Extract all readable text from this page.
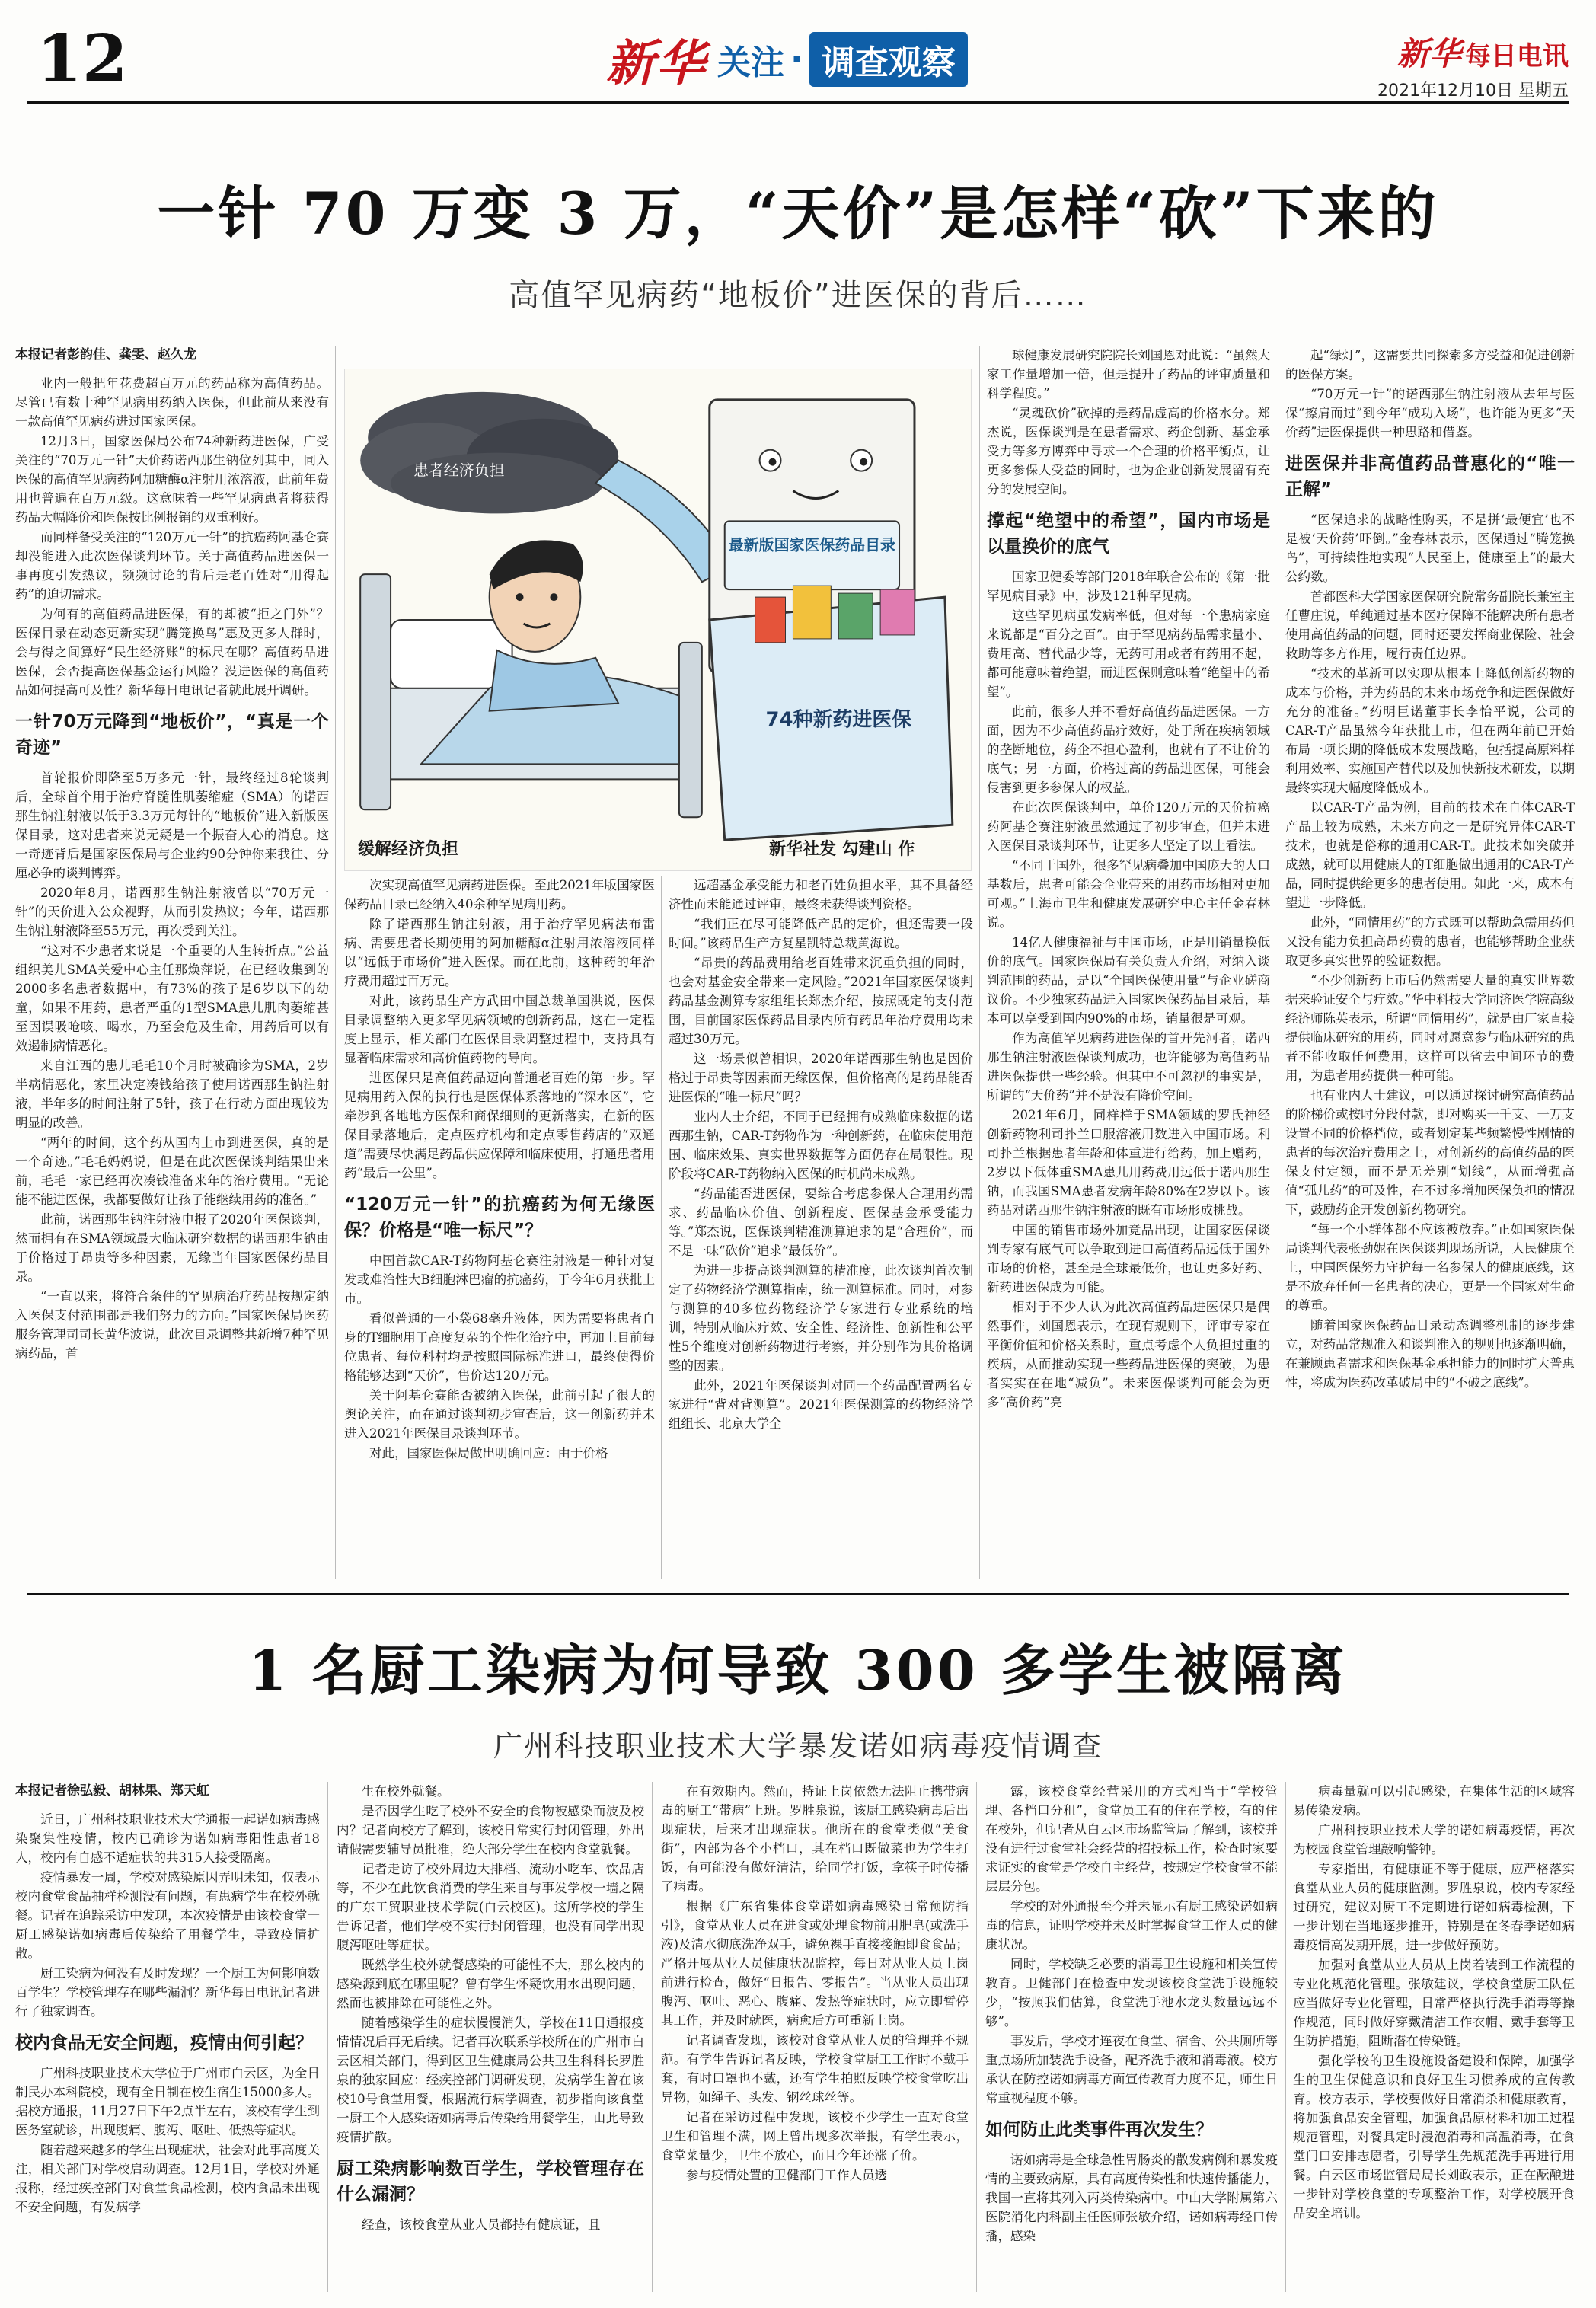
12	新华 关注 · 调查观察	新华 每日电讯
2021年12月10日 星期五
一针 70 万变 3 万，“天价”是怎样“砍”下来的
高值罕见病药“地板价”进医保的背后……

本报记者彭韵佳、龚雯、赵久龙

业内一般把年花费超百万元的药品称为高值药品。尽管已有数十种罕见病用药纳入医保，但此前从来没有一款高值罕见病药进过国家医保。

12月3日，国家医保局公布74种新药进医保，广受关注的“70万元一针”天价药诺西那生钠位列其中，同入医保的高值罕见病药阿加糖酶α注射用浓溶液，此前年费用也普遍在百万元级。这意味着一些罕见病患者将获得药品大幅降价和医保按比例报销的双重利好。

而同样备受关注的“120万元一针”的抗癌药阿基仑赛却没能进入此次医保谈判环节。关于高值药品进医保一事再度引发热议，频频讨论的背后是老百姓对“用得起药”的迫切需求。

为何有的高值药品进医保，有的却被“拒之门外”？医保目录在动态更新实现“腾笼换鸟”惠及更多人群时，会与得之间算好“民生经济账”的标尺在哪？高值药品进医保，会否提高医保基金运行风险？没进医保的高值药品如何提高可及性？新华每日电讯记者就此展开调研。

一针70万元降到“地板价”，“真是一个奇迹”

首轮报价即降至5万多元一针，最终经过8轮谈判后，全球首个用于治疗脊髓性肌萎缩症（SMA）的诺西那生钠注射液以低于3.3万元每针的“地板价”进入新版医保目录，这对患者来说无疑是一个振奋人心的消息。这一奇迹背后是国家医保局与企业约90分钟你来我往、分厘必争的谈判博弈。

2020年8月，诺西那生钠注射液曾以“70万元一针”的天价进入公众视野，从而引发热议；今年，诺西那生钠注射液降至55万元，再次受到关注。

“这对不少患者来说是一个重要的人生转折点。”公益组织美儿SMA关爱中心主任那焕萍说，在已经收集到的2000多名患者数据中，有73%的孩子是6岁以下的幼童，如果不用药，患者严重的1型SMA患儿肌肉萎缩甚至因误吸呛咳、喝水，乃至会危及生命，用药后可以有效遏制病情恶化。

来自江西的患儿毛毛10个月时被确诊为SMA，2岁半病情恶化，家里决定凑钱给孩子使用诺西那生钠注射液，半年多的时间注射了5针，孩子在行动方面出现较为明显的改善。

“两年的时间，这个药从国内上市到进医保，真的是一个奇迹。”毛毛妈妈说，但是在此次医保谈判结果出来前，毛毛一家已经再次凑钱准备来年的治疗费用。“无论能不能进医保，我都要做好让孩子能继续用药的准备。”

此前，诺西那生钠注射液申报了2020年医保谈判，然而拥有在SMA领域最大临床研究数据的诺西那生钠由于价格过于昂贵等多种因素，无缘当年国家医保药品目录。

“一直以来，将符合条件的罕见病治疗药品按规定纳入医保支付范围都是我们努力的方向。”国家医保局医药服务管理司司长黄华波说，此次目录调整共新增7种罕见病药品，首

患者经济负担
最新版国家医保药品目录
74种新药进医保
缓解经济负担	新华社发 勾建山 作

次实现高值罕见病药进医保。至此2021年版国家医保药品目录已经纳入40余种罕见病用药。

除了诺西那生钠注射液，用于治疗罕见病法布雷病、需要患者长期使用的阿加糖酶α注射用浓溶液同样以“远低于市场价”进入医保。而在此前，这种药的年治疗费用超过百万元。

对此，该药品生产方武田中国总裁单国洪说，医保目录调整纳入更多罕见病领域的创新药品，这在一定程度上显示，相关部门在医保目录调整过程中，支持具有显著临床需求和高价值药物的导向。

进医保只是高值药品迈向普通老百姓的第一步。罕见病用药入保的执行也是医保体系落地的“深水区”，它牵涉到各地地方医保和商保细则的更新落实，在新的医保目录落地后，定点医疗机构和定点零售药店的“双通道”需要尽快满足药品供应保障和临床使用，打通患者用药“最后一公里”。

“120万元一针”的抗癌药为何无缘医保？价格是“唯一标尺”？

中国首款CAR-T药物阿基仑赛注射液是一种针对复发或难治性大B细胞淋巴瘤的抗癌药，于今年6月获批上市。

看似普通的一小袋68毫升液体，因为需要将患者自身的T细胞用于高度复杂的个性化治疗中，再加上目前每位患者、每位科村均是按照国际标准进口，最终使得价格能够达到“天价”，售价达120万元。

关于阿基仑赛能否被纳入医保，此前引起了很大的舆论关注，而在通过谈判初步审查后，这一创新药并未进入2021年医保目录谈判环节。

对此，国家医保局做出明确回应：由于价格

远超基金承受能力和老百姓负担水平，其不具备经济性而未能通过评审，最终未获得谈判资格。

“我们正在尽可能降低产品的定价，但还需要一段时间。”该药品生产方复星凯特总裁黄海说。

“昂贵的药品费用给老百姓带来沉重负担的同时，也会对基金安全带来一定风险。”2021年国家医保谈判药品基金测算专家组组长郑杰介绍，按照既定的支付范围，目前国家医保药品目录内所有药品年治疗费用均未超过30万元。

这一场景似曾相识，2020年诺西那生钠也是因价格过于昂贵等因素而无缘医保，但价格高的是药品能否进医保的“唯一标尺”吗？

业内人士介绍，不同于已经拥有成熟临床数据的诺西那生钠，CAR-T药物作为一种创新药，在临床使用范围、临床效果、真实世界数据等方面仍存在局限性。现阶段将CAR-T药物纳入医保的时机尚未成熟。

“药品能否进医保，要综合考虑参保人合理用药需求、药品临床价值、创新程度、医保基金承受能力等。”郑杰说，医保谈判精准测算追求的是“合理价”，而不是一味“砍价”追求“最低价”。

为进一步提高谈判测算的精准度，此次谈判首次制定了药物经济学测算指南，统一测算标准。同时，对参与测算的40多位药物经济学专家进行专业系统的培训，特别从临床疗效、安全性、经济性、创新性和公平性5个维度对创新药物进行考察，并分别作为其价格调整的因素。

此外，2021年医保谈判对同一个药品配置两名专家进行“背对背测算”。2021年医保测算的药物经济学组组长、北京大学全

球健康发展研究院院长刘国恩对此说：“虽然大家工作量增加一倍，但是提升了药品的评审质量和科学程度。”

“灵魂砍价”砍掉的是药品虚高的价格水分。郑杰说，医保谈判是在患者需求、药企创新、基金承受力等多方博弈中寻求一个合理的价格平衡点，让更多参保人受益的同时，也为企业创新发展留有充分的发展空间。

撑起“绝望中的希望”，国内市场是以量换价的底气

国家卫健委等部门2018年联合公布的《第一批罕见病目录》中，涉及121种罕见病。

这些罕见病虽发病率低，但对每一个患病家庭来说都是“百分之百”。由于罕见病药品需求量小、费用高、替代品少等，无药可用或者有药用不起，都可能意味着绝望，而进医保则意味着“绝望中的希望”。

此前，很多人并不看好高值药品进医保。一方面，因为不少高值药品疗效好，处于所在疾病领域的垄断地位，药企不担心盈利，也就有了不让价的底气；另一方面，价格过高的药品进医保，可能会侵害到更多参保人的权益。

在此次医保谈判中，单价120万元的天价抗癌药阿基仑赛注射液虽然通过了初步审查，但并未进入医保目录谈判环节，让更多人坚定了以上看法。

“不同于国外，很多罕见病叠加中国庞大的人口基数后，患者可能会企业带来的用药市场相对更加可观。”上海市卫生和健康发展研究中心主任金春林说。

14亿人健康福祉与中国市场，正是用销量换低价的底气。国家医保局有关负责人介绍，对纳入谈判范围的药品，是以“全国医保使用量”与企业磋商议价。不少独家药品进入国家医保药品目录后，基本可以享受到国内90%的市场，销量很是可观。

作为高值罕见病药进医保的首开先河者，诺西那生钠注射液医保谈判成功，也许能够为高值药品进医保提供一些经验。但其中不可忽视的事实是，所谓的“天价药”并不是没有降价空间。

2021年6月，同样样于SMA领域的罗氏神经创新药物利司扑兰口服溶液用数进入中国市场。利司扑兰根据患者年龄和体重进行给药，加上赠药，2岁以下低体重SMA患儿用药费用远低于诺西那生钠，而我国SMA患者发病年龄80%在2岁以下。该药品对诺西那生钠注射液的既有市场形成挑战。

中国的销售市场外加竞品出现，让国家医保谈判专家有底气可以争取到进口高值药品远低于国外市场的价格，甚至是全球最低价，也让更多好药、新药进医保成为可能。

相对于不少人认为此次高值药品进医保只是偶然事件，刘国恩表示，在现有规则下，评审专家在平衡价值和价格关系时，重点考虑个人负担过重的疾病，从而推动实现一些药品进医保的突破，为患者实实在在地“减负”。未来医保谈判可能会为更多“高价药”亮

起“绿灯”，这需要共同探索多方受益和促进创新的医保方案。

“70万元一针”的诺西那生钠注射液从去年与医保“擦肩而过”到今年“成功入场”，也许能为更多“天价药”进医保提供一种思路和借鉴。

进医保并非高值药品普惠化的“唯一正解”

“医保追求的战略性购买，不是拼‘最便宜’也不是被‘天价药’吓倒。”金春林表示，医保通过“腾笼换鸟”，可持续性地实现“人民至上，健康至上”的最大公约数。

首都医科大学国家医保研究院常务副院长兼室主任曹庄说，单纯通过基本医疗保障不能解决所有患者使用高值药品的问题，同时还要发挥商业保险、社会救助等多方作用，履行责任边界。

“技术的革新可以实现从根本上降低创新药物的成本与价格，并为药品的未来市场竞争和进医保做好充分的准备。”药明巨诺董事长李怡平说，公司的CAR-T产品虽然今年获批上市，但在两年前已开始布局一项长期的降低成本发展战略，包括提高原料样利用效率、实施国产替代以及加快新技术研发，以期最终实现大幅度降低成本。

以CAR-T产品为例，目前的技术在自体CAR-T产品上较为成熟，未来方向之一是研究异体CAR-T技术，也就是俗称的通用CAR-T。此技术如突破并成熟，就可以用健康人的T细胞做出通用的CAR-T产品，同时提供给更多的患者使用。如此一来，成本有望进一步降低。

此外，“同情用药”的方式既可以帮助急需用药但又没有能力负担高昂药费的患者，也能够帮助企业获取更多真实世界的验证数据。

“不少创新药上市后仍然需要大量的真实世界数据来验证安全与疗效。”华中科技大学同济医学院高级经济师陈英表示，所谓“同情用药”，就是由厂家直接提供临床研究的用药，同时对愿意参与临床研究的患者不能收取任何费用，这样可以省去中间环节的费用，为患者用药提供一种可能。

也有业内人士建议，可以通过探讨研究高值药品的阶梯价或按时分段付款，即对购买一千支、一万支设置不同的价格档位，或者划定某些频繁慢性剧情的患者的每次治疗费用之上，对创新药的高值药品的医保支付定额，而不是无差别“划线”，从而增强高值“孤儿药”的可及性，在不过多增加医保负担的情况下，鼓励药企开发创新药物研究。

“每一个小群体都不应该被放弃。”正如国家医保局谈判代表张劲妮在医保谈判现场所说，人民健康至上，中国医保努力守护每一名参保人的健康底线，这是不放弃任何一名患者的决心，更是一个国家对生命的尊重。

随着国家医保药品目录动态调整机制的逐步建立，对药品常规准入和谈判准入的规则也逐渐明确，在兼顾患者需求和医保基金承担能力的同时扩大普惠性，将成为医药改革破局中的“不破之底线”。

1 名厨工染病为何导致 300 多学生被隔离
广州科技职业技术大学暴发诺如病毒疫情调查

本报记者徐弘毅、胡林果、郑天虹

近日，广州科技职业技术大学通报一起诺如病毒感染聚集性疫情，校内已确诊为诺如病毒阳性患者18人，校内有自感不适症状的共315人接受隔离。

疫情暴发一周，学校对感染原因弄明未知，仅表示校内食堂食品抽样检测没有问题，有患病学生在校外就餐。记者在追踪采访中发现，本次疫情是由该校食堂一厨工感染诺如病毒后传染给了用餐学生，导致疫情扩散。

厨工染病为何没有及时发现？一个厨工为何影响数百学生？学校管理存在哪些漏洞？新华每日电讯记者进行了独家调查。

校内食品无安全问题，疫情由何引起？

广州科技职业技术大学位于广州市白云区，为全日制民办本科院校，现有全日制在校生宿生15000多人。据校方通报，11月27日下午2点半左右，该校有学生到医务室就诊，出现腹痛、腹泻、呕吐、低热等症状。

随着越来越多的学生出现症状，社会对此事高度关注，相关部门对学校启动调查。12月1日，学校对外通报称，经过疾控部门对食堂食品检测，校内食品未出现不安全问题，有发病学

生在校外就餐。

是否因学生吃了校外不安全的食物被感染而波及校内？记者向校方了解到，该校日常实行封闭管理，外出请假需要辅导员批准，绝大部分学生在校内食堂就餐。

记者走访了校外周边大排档、流动小吃车、饮品店等，不少在此饮食消费的学生来自与事发学校一墙之隔的广东工贸职业技术学院(白云校区)。这所学校的学生告诉记者，他们学校不实行封闭管理，也没有同学出现腹泻呕吐等症状。

既然学生校外就餐感染的可能性不大，那么校内的感染源到底在哪里呢？曾有学生怀疑饮用水出现问题，然而也被排除在可能性之外。

随着感染学生的症状慢慢消失，学校在11日通报疫情情况后再无后续。记者再次联系学校所在的广州市白云区相关部门，得到区卫生健康局公共卫生科科长罗胜泉的独家回应：经疾控部门调研发现，发病学生曾在该校10号食堂用餐，根据流行病学调查，初步指向该食堂一厨工个人感染诺如病毒后传染给用餐学生，由此导致疫情扩散。

厨工染病影响数百学生，学校管理存在什么漏洞？

经查，该校食堂从业人员都持有健康证，且

在有效期内。然而，持证上岗依然无法阻止携带病毒的厨工“带病”上班。罗胜泉说，该厨工感染病毒后出现症状，后来才出现症状。他所在的食堂类似“美食街”，内部为各个小档口，其在档口既做菜也为学生打饭，有可能没有做好清洁，给同学打饭，拿筷子时传播了病毒。

根据《广东省集体食堂诺如病毒感染日常预防指引》，食堂从业人员在进食或处理食物前用肥皂(或洗手液)及清水彻底洗净双手，避免裸手直接接触即食食品；严格开展从业人员健康状况监控，每日对从业人员上岗前进行检查，做好“日报告、零报告”。当从业人员出现腹泻、呕吐、恶心、腹痛、发热等症状时，应立即暂停其工作，并及时就医，病愈后方可重新上岗。

记者调查发现，该校对食堂从业人员的管理并不规范。有学生告诉记者反映，学校食堂厨工工作时不戴手套，有时口罩也不戴，还有学生拍照反映学校食堂吃出异物，如绳子、头发、钢丝球丝等。

记者在采访过程中发现，该校不少学生一直对食堂卫生和管理不满，网上曾出现多次举报，有学生表示，食堂菜量少，卫生不放心，而且今年还涨了价。

参与疫情处置的卫健部门工作人员透

露，该校食堂经营采用的方式相当于“学校管理、各档口分租”，食堂员工有的住在学校，有的住在校外，但记者从白云区市场监管局了解到，该校并没有进行过食堂社会经营的招投标工作，检查时家要求证实的食堂是学校自主经营，按规定学校食堂不能层层分包。

学校的对外通报至今并未显示有厨工感染诺如病毒的信息，证明学校并未及时掌握食堂工作人员的健康状况。

同时，学校缺乏必要的消毒卫生设施和相关宣传教育。卫健部门在检查中发现该校食堂洗手设施较少，“按照我们估算，食堂洗手池水龙头数量远远不够”。

事发后，学校才连夜在食堂、宿舍、公共厕所等重点场所加装洗手设备，配齐洗手液和消毒液。校方承认在防控诺如病毒方面宣传教育力度不足，师生日常重视程度不够。

如何防止此类事件再次发生？

诺如病毒是全球急性胃肠炎的散发病例和暴发疫情的主要致病原，具有高度传染性和快速传播能力，我国一直将其列入丙类传染病中。中山大学附属第六医院消化内科副主任医师张敏介绍，诺如病毒经口传播，感染

病毒量就可以引起感染，在集体生活的区域容易传染发病。

广州科技职业技术大学的诺如病毒疫情，再次为校园食堂管理敲响警钟。

专家指出，有健康证不等于健康，应严格落实食堂从业人员的健康监测。罗胜泉说，校内专家经过研究，建议对厨工不定期进行诺如病毒检测，下一步计划在当地逐步推开，特别是在冬春季诺如病毒疫情高发期开展，进一步做好预防。

加强对食堂从业人员从上岗着装到工作流程的专业化规范化管理。张敏建议，学校食堂厨工队伍应当做好专业化管理，日常严格执行洗手消毒等操作规范，同时做好穿戴清洁工作衣帽、戴手套等卫生防护措施，阻断潜在传染链。

强化学校的卫生设施设备建设和保障，加强学生的卫生保健意识和良好卫生习惯养成的宣传教育。校方表示，学校要做好日常消杀和健康教育，将加强食品安全管理，加强食品原材料和加工过程规范管理，对餐具定时浸泡消毒和高温消毒，在食堂门口安排志愿者，引导学生先规范洗手再进行用餐。白云区市场监管局局长刘政表示，正在酝酿进一步针对学校食堂的专项整治工作，对学校展开食品安全培训。
